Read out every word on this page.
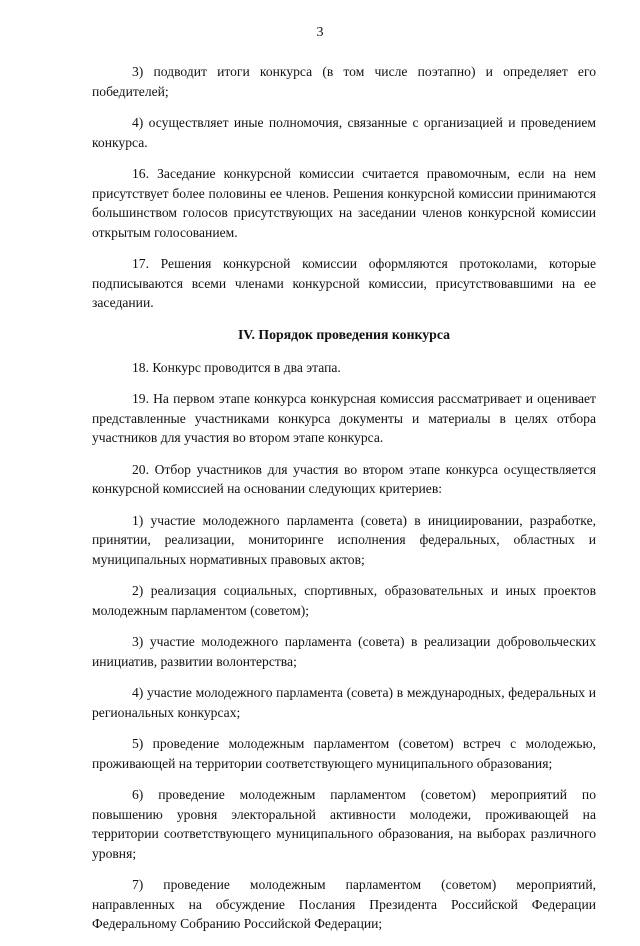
3

3) подводит итоги конкурса (в том числе поэтапно) и определяет его победителей;

4) осуществляет иные полномочия, связанные с организацией и проведением конкурса.

16. Заседание конкурсной комиссии считается правомочным, если на нем присутствует более половины ее членов. Решения конкурсной комиссии принимаются большинством голосов присутствующих на заседании членов конкурсной комиссии открытым голосованием.

17. Решения конкурсной комиссии оформляются протоколами, которые подписываются всеми членами конкурсной комиссии, присутствовавшими на ее заседании.

IV. Порядок проведения конкурса

18. Конкурс проводится в два этапа.

19. На первом этапе конкурса конкурсная комиссия рассматривает и оценивает представленные участниками конкурса документы и материалы в целях отбора участников для участия во втором этапе конкурса.

20. Отбор участников для участия во втором этапе конкурса осуществляется конкурсной комиссией на основании следующих критериев:

1) участие молодежного парламента (совета) в инициировании, разработке, принятии, реализации, мониторинге исполнения федеральных, областных и муниципальных нормативных правовых актов;

2) реализация социальных, спортивных, образовательных и иных проектов молодежным парламентом (советом);

3) участие молодежного парламента (совета) в реализации добровольческих инициатив, развитии волонтерства;

4) участие молодежного парламента (совета) в международных, федеральных и региональных конкурсах;

5) проведение молодежным парламентом (советом) встреч с молодежью, проживающей на территории соответствующего муниципального образования;

6) проведение молодежным парламентом (советом) мероприятий по повышению уровня электоральной активности молодежи, проживающей на территории соответствующего муниципального образования, на выборах различного уровня;

7) проведение молодежным парламентом (советом) мероприятий, направленных на обсуждение Послания Президента Российской Федерации Федеральному Собранию Российской Федерации;
